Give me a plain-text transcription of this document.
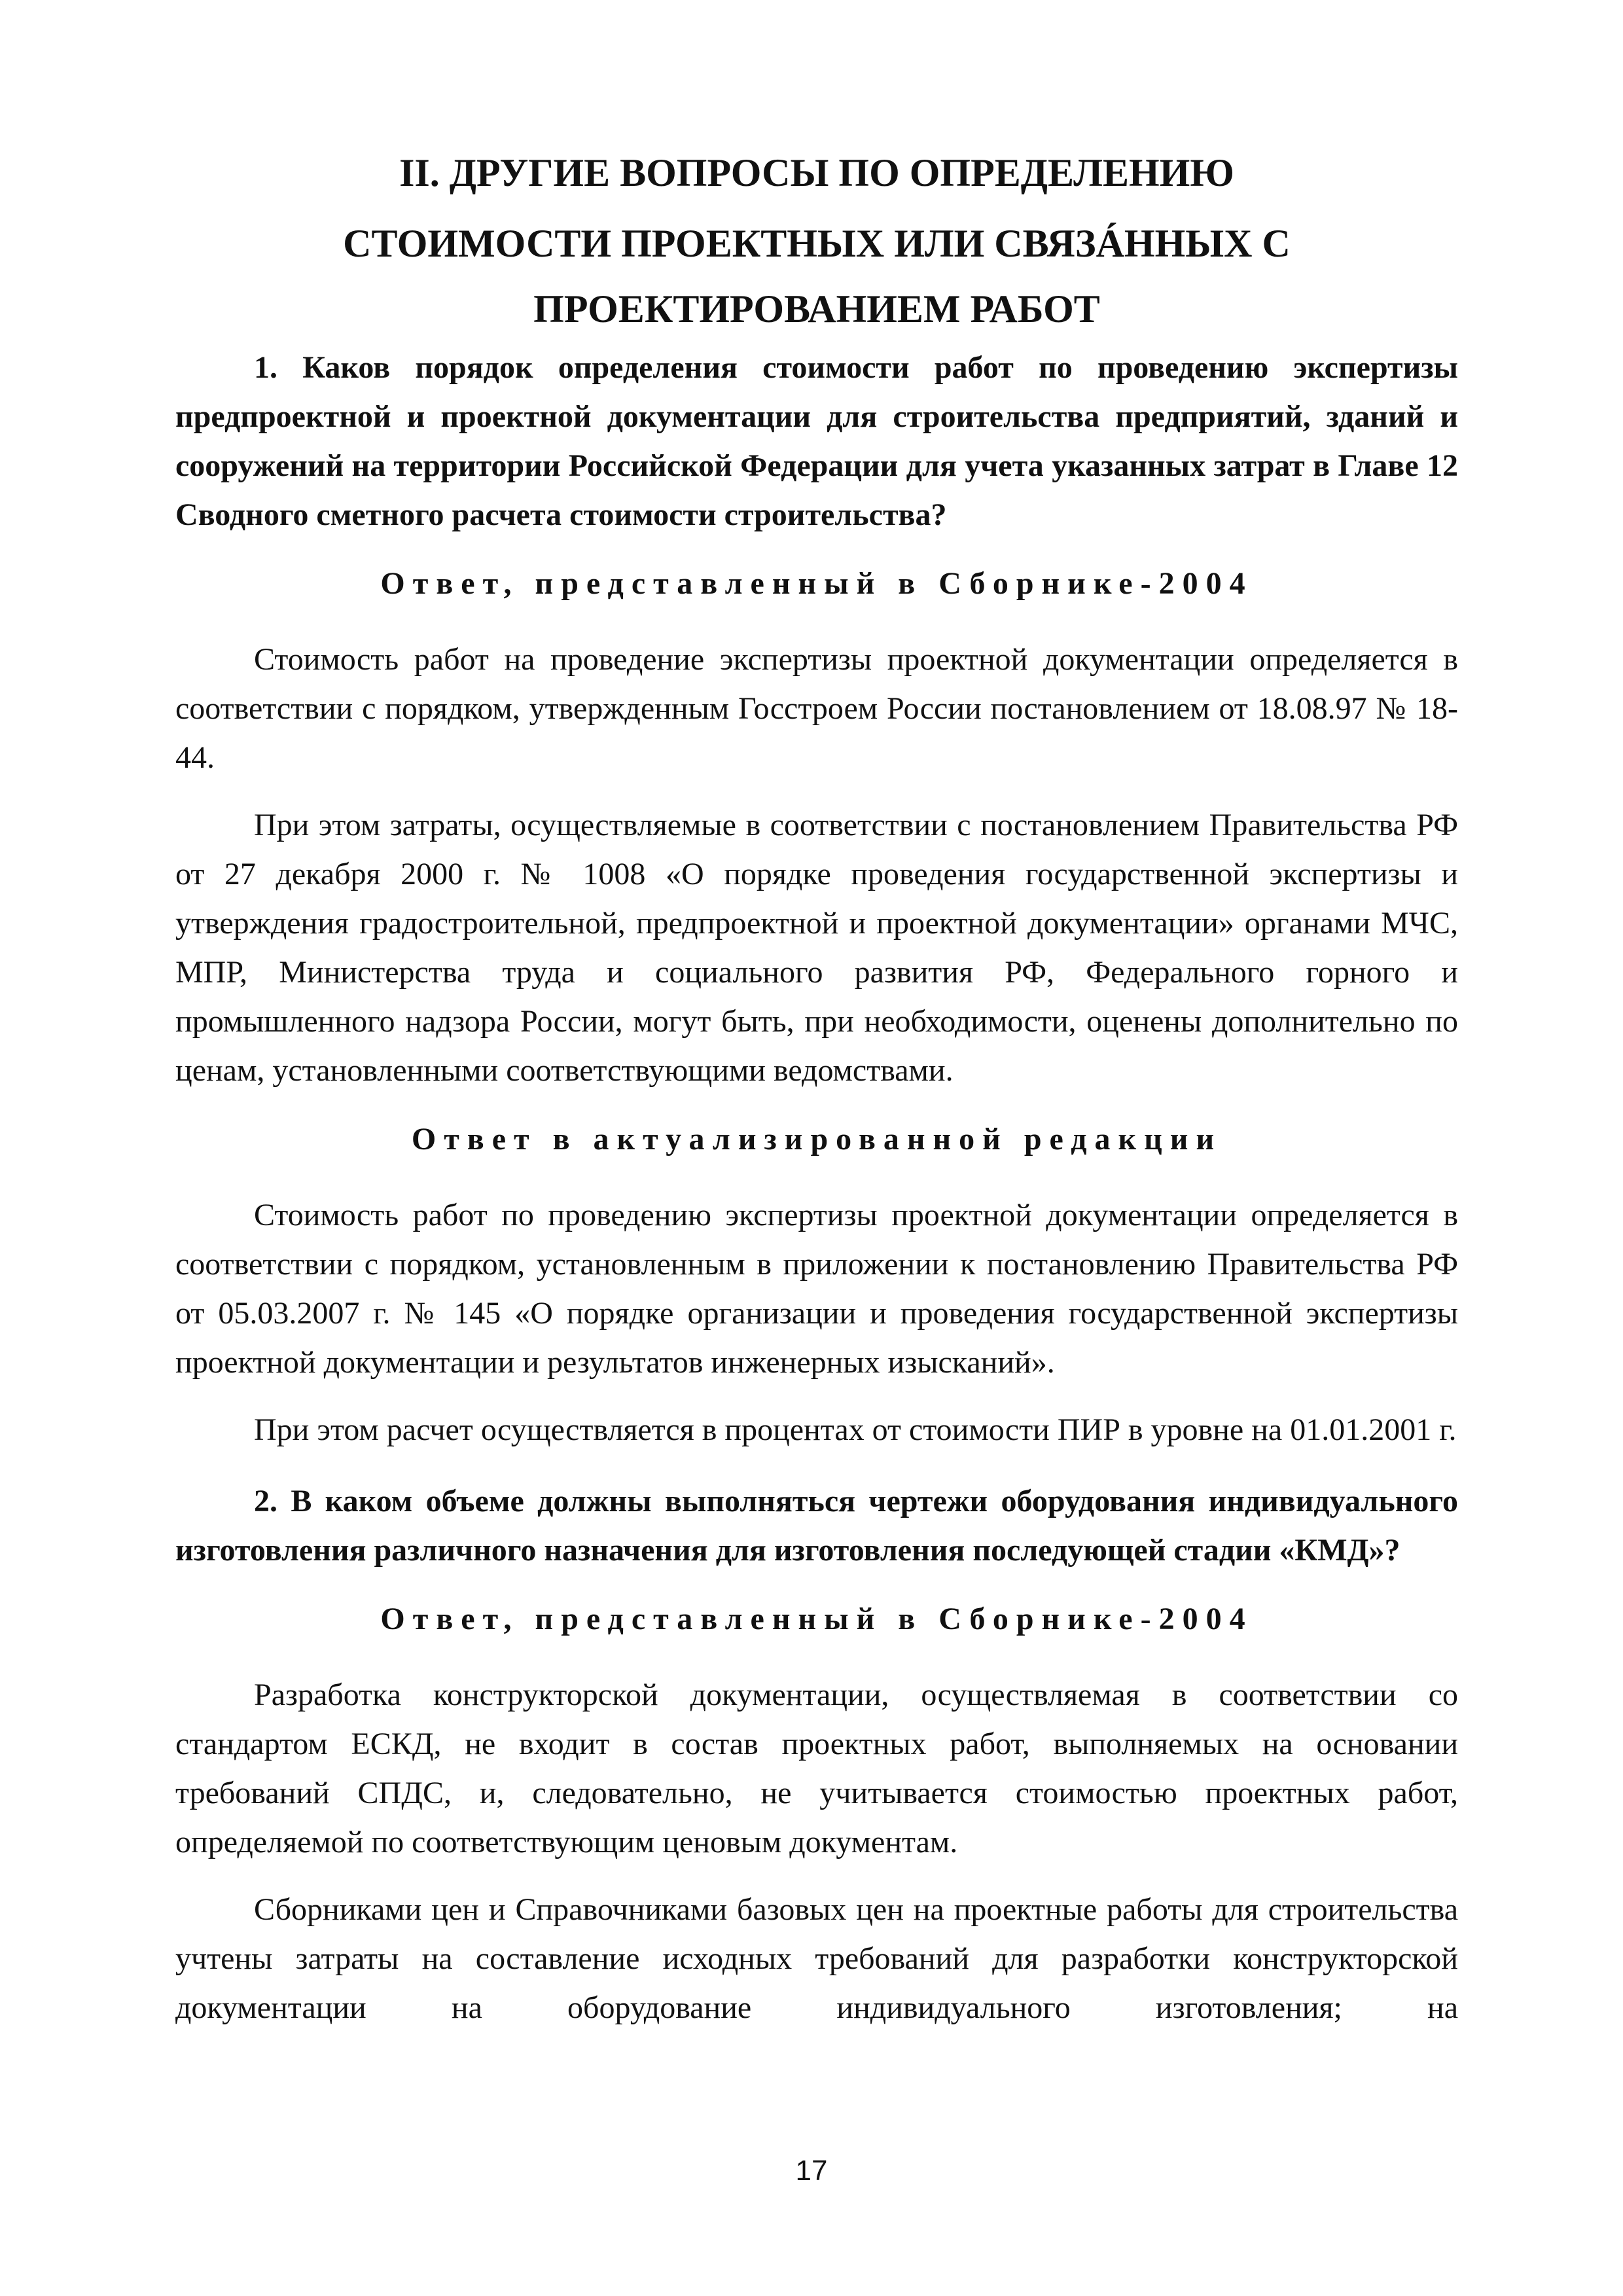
II. ДРУГИЕ ВОПРОСЫ ПО ОПРЕДЕЛЕНИЮ

СТОИМОСТИ ПРОЕКТНЫХ ИЛИ СВЯЗÁННЫХ С

ПРОЕКТИРОВАНИЕМ РАБОТ

1. Каков порядок определения стоимости работ по проведению экспертизы предпроектной и проектной документации для строительства предприятий, зданий и сооружений на территории Российской Федерации для учета указанных затрат в Главе 12 Сводного сметного расчета стоимости строительства?

Ответ, представленный в Сборнике-2004

Стоимость работ на проведение экспертизы проектной документации определяется в соответствии с порядком, утвержденным Госстроем России постановлением от 18.08.97 № 18-44.

При этом затраты, осуществляемые в соответствии с постановлением Правительства РФ от 27 декабря 2000 г. № 1008 «О порядке проведения государственной экспертизы и утверждения градостроительной, предпроектной и проектной документации» органами МЧС, МПР, Министерства труда и социального развития РФ, Федерального горного и промышленного надзора России, могут быть, при необходимости, оценены дополнительно по ценам, установленными соответствующими ведомствами.

Ответ в актуализированной редакции

Стоимость работ по проведению экспертизы проектной документации определяется в соответствии с порядком, установленным в приложении к постановлению Правительства РФ от 05.03.2007 г. № 145 «О порядке организации и проведения государственной экспертизы проектной документации и результатов инженерных изысканий».

При этом расчет осуществляется в процентах от стоимости ПИР в уровне на 01.01.2001 г.

2. В каком объеме должны выполняться чертежи оборудования индивидуального изготовления различного назначения для изготовления последующей стадии «КМД»?

Ответ, представленный в Сборнике-2004

Разработка конструкторской документации, осуществляемая в соответствии со стандартом ЕСКД, не входит в состав проектных работ, выполняемых на основании требований СПДС, и, следовательно, не учитывается стоимостью проектных работ, определяемой по соответствующим ценовым документам.

Сборниками цен и Справочниками базовых цен на проектные работы для строительства учтены затраты на составление исходных требований для разработки конструкторской документации на оборудование индивидуального изготовления; на

17
